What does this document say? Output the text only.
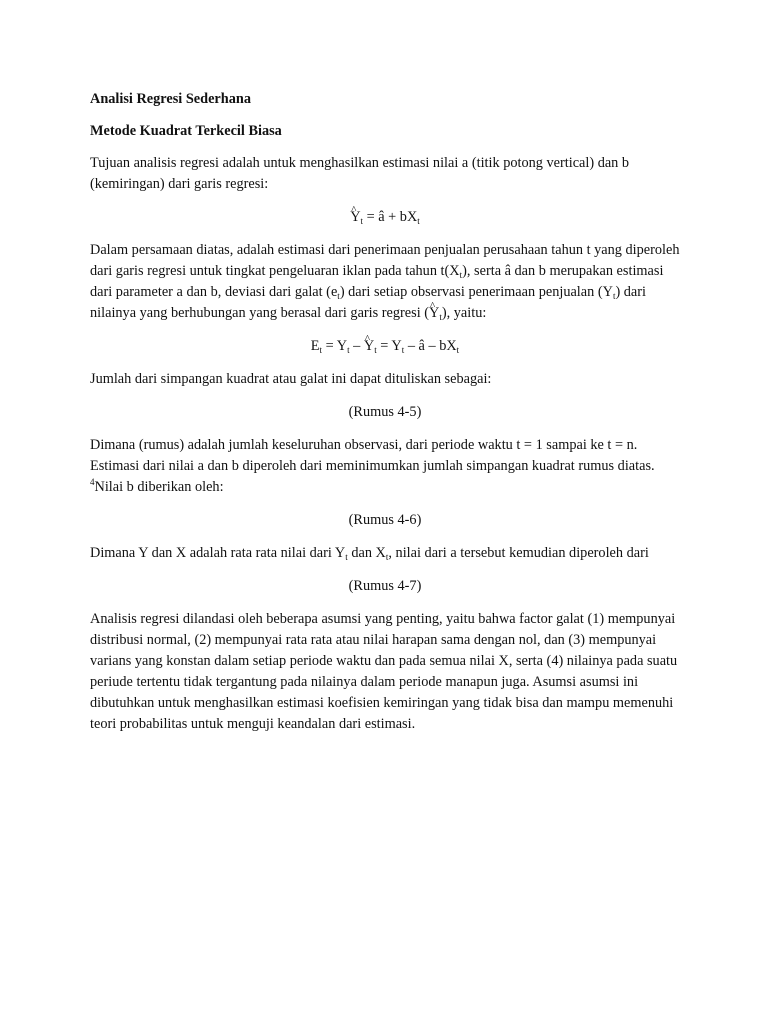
Analisi Regresi Sederhana

Metode Kuadrat Terkecil Biasa

Tujuan analisis regresi adalah untuk menghasilkan estimasi nilai a (titik potong vertical) dan b (kemiringan) dari garis regresi:

^ $Y_t$ = â + $bX_t$

Dalam persamaan diatas, adalah estimasi dari penerimaan penjualan perusahaan tahun t yang diperoleh dari garis regresi untuk tingkat pengeluaran iklan pada tahun $t(X_t)$, serta â dan b merupakan estimasi dari parameter a dan b, deviasi dari galat $(e_t)$ dari setiap observasi penerimaan penjualan $(Y_t)$ dari nilainya yang berhubungan yang berasal dari garis regresi (^ $Y_t$), yaitu:

$E_t = Y_t$ – ^ $Y_t = Y_t$ – â – $bX_t$

Jumlah dari simpangan kuadrat atau galat ini dapat dituliskan sebagai:

(Rumus 4-5)

Dimana (rumus) adalah jumlah keseluruhan observasi, dari periode waktu t = 1 sampai ke t = n. Estimasi dari nilai a dan b diperoleh dari meminimumkan jumlah simpangan kuadrat rumus diatas. $^4$Nilai b diberikan oleh:

(Rumus 4-6)

Dimana Y dan X adalah rata rata nilai dari $Y_t$ dan $X_t$, nilai dari a tersebut kemudian diperoleh dari

(Rumus 4-7)

Analisis regresi dilandasi oleh beberapa asumsi yang penting, yaitu bahwa factor galat (1) mempunyai distribusi normal, (2) mempunyai rata rata atau nilai harapan sama dengan nol, dan (3) mempunyai varians yang konstan dalam setiap periode waktu dan pada semua nilai X, serta (4) nilainya pada suatu periude tertentu tidak tergantung pada nilainya dalam periode manapun juga. Asumsi asumsi ini dibutuhkan untuk menghasilkan estimasi koefisien kemiringan yang tidak bisa dan mampu memenuhi teori probabilitas untuk menguji keandalan dari estimasi.
